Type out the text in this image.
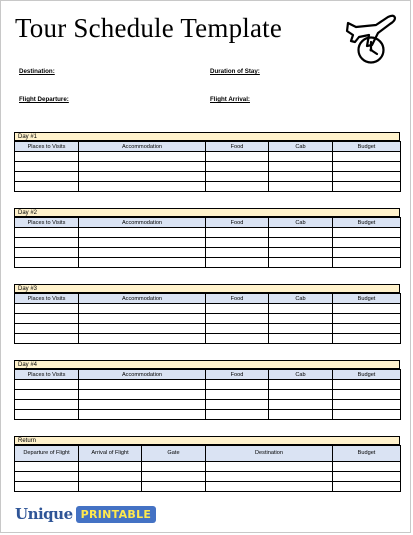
Tour Schedule Template
Destination:	Duration of Stay:
Flight Departure:	Flight Arrival:
Day #1
Places to Visits	Accommodation	Food	Cab	Budget

Day #2
Places to Visits	Accommodation	Food	Cab	Budget

Day #3
Places to Visits	Accommodation	Food	Cab	Budget

Day #4
Places to Visits	Accommodation	Food	Cab	Budget

Return
Departure of Flight	Arrival of Flight	Gate	Destination	Budget

Unique PRINTABLE
